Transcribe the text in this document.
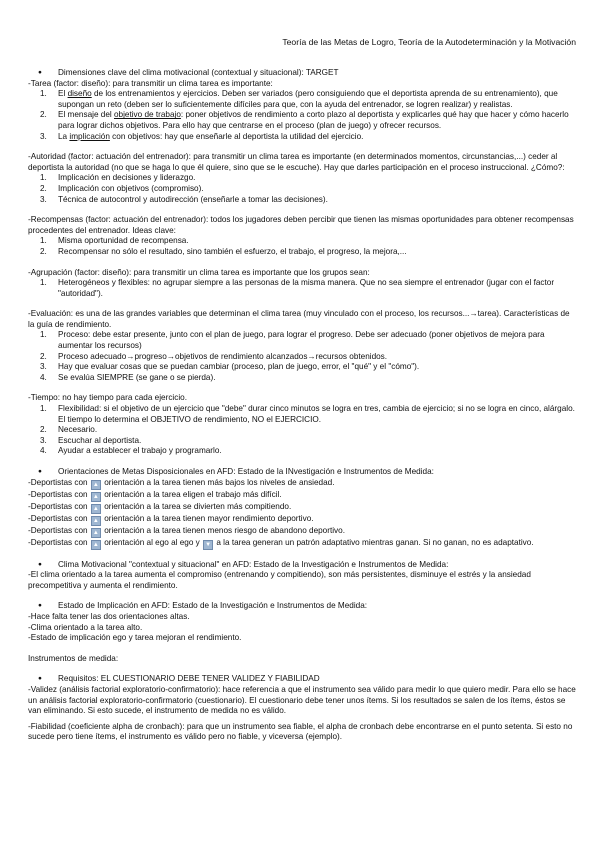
Teoría de las Metas de Logro, Teoría de la Autodeterminación y la Motivación

● Dimensiones clave del clima motivacional (contextual y situacional): TARGET

-Tarea (factor: diseño): para transmitir un clima tarea es importante:

1. El diseño de los entrenamientos y ejercicios. Deben ser variados (pero consiguiendo que el deportista aprenda de su entrenamiento), que supongan un reto (deben ser lo suficientemente difíciles para que, con la ayuda del entrenador, se logren realizar) y realistas.
2. El mensaje del objetivo de trabajo: poner objetivos de rendimiento a corto plazo al deportista y explicarles qué hay que hacer y cómo hacerlo para lograr dichos objetivos. Para ello hay que centrarse en el proceso (plan de juego) y ofrecer recursos.
3. La implicación con objetivos: hay que enseñarle al deportista la utilidad del ejercicio.

-Autoridad (factor: actuación del entrenador): para transmitir un clima tarea es importante (en determinados momentos, circunstancias,...) ceder al deportista la autoridad (no que se haga lo que él quiere, sino que se le escuche). Hay que darles participación en el proceso instruccional. ¿Cómo?:

1. Implicación en decisiones y liderazgo.
2. Implicación con objetivos (compromiso).
3. Técnica de autocontrol y autodirección (enseñarle a tomar las decisiones).

-Recompensas (factor: actuación del entrenador): todos los jugadores deben percibir que tienen las mismas oportunidades para obtener recompensas procedentes del entrenador. Ideas clave:

1. Misma oportunidad de recompensa.
2. Recompensar no sólo el resultado, sino también el esfuerzo, el trabajo, el progreso, la mejora,...

-Agrupación (factor: diseño): para transmitir un clima tarea es importante que los grupos sean:

1. Heterogéneos y flexibles: no agrupar siempre a las personas de la misma manera. Que no sea siempre el entrenador (jugar con el factor "autoridad").

-Evaluación: es una de las grandes variables que determinan el clima tarea (muy vinculado con el proceso, los recursos...→tarea). Características de la guía de rendimiento.

1. Proceso: debe estar presente, junto con el plan de juego, para lograr el progreso. Debe ser adecuado (poner objetivos de mejora para aumentar los recursos)
2. Proceso adecuado→progreso→objetivos de rendimiento alcanzados→recursos obtenidos.
3. Hay que evaluar cosas que se puedan cambiar (proceso, plan de juego, error, el "qué" y el "cómo").
4. Se evalúa SIEMPRE (se gane o se pierda).

-Tiempo: no hay tiempo para cada ejercicio.

1. Flexibilidad: si el objetivo de un ejercicio que "debe" durar cinco minutos se logra en tres, cambia de ejercicio; si no se logra en cinco, alárgalo. El tiempo lo determina el OBJETIVO de rendimiento, NO el EJERCICIO.
2. Necesario.
3. Escuchar al deportista.
4. Ayudar a establecer el trabajo y programarlo.

● Orientaciones de Metas Disposicionales en AFD: Estado de la INvestigación e Instrumentos de Medida:

-Deportistas con ▲ orientación a la tarea tienen más bajos los niveles de ansiedad.

-Deportistas con ▲ orientación a la tarea eligen el trabajo más difícil.

-Deportistas con ▲ orientación a la tarea se divierten más compitiendo.

-Deportistas con ▲ orientación a la tarea tienen mayor rendimiento deportivo.

-Deportistas con ▲ orientación a la tarea tienen menos riesgo de abandono deportivo.

-Deportistas con ▲ orientación al ego al ego y ▼ a la tarea generan un patrón adaptativo mientras ganan. Si no ganan, no es adaptativo.

● Clima Motivacional "contextual y situacional" en AFD: Estado de la Investigación e Instrumentos de Medida:

-El clima orientado a la tarea aumenta el compromiso (entrenando y compitiendo), son más persistentes, disminuye el estrés y la ansiedad precompetitiva y aumenta el rendimiento.

● Estado de Implicación en AFD: Estado de la Investigación e Instrumentos de Medida:

-Hace falta tener las dos orientaciones altas.

-Clima orientado a la tarea alto.

-Estado de implicación ego y tarea mejoran el rendimiento.

Instrumentos de medida:

● Requisitos: EL CUESTIONARIO DEBE TENER VALIDEZ Y FIABILIDAD

-Validez (análisis factorial exploratorio-confirmatorio): hace referencia a que el instrumento sea válido para medir lo que quiero medir. Para ello se hace un análisis factorial exploratorio-confirmatorio (cuestionario). El cuestionario debe tener unos ítems. Si los resultados se salen de los ítems, éstos se van eliminando. Si esto sucede, el instrumento de medida no es válido.

-Fiabilidad (coeficiente alpha de cronbach): para que un instrumento sea fiable, el alpha de cronbach debe encontrarse en el punto setenta. Si esto no sucede pero tiene ítems, el instrumento es válido pero no fiable, y viceversa (ejemplo).
